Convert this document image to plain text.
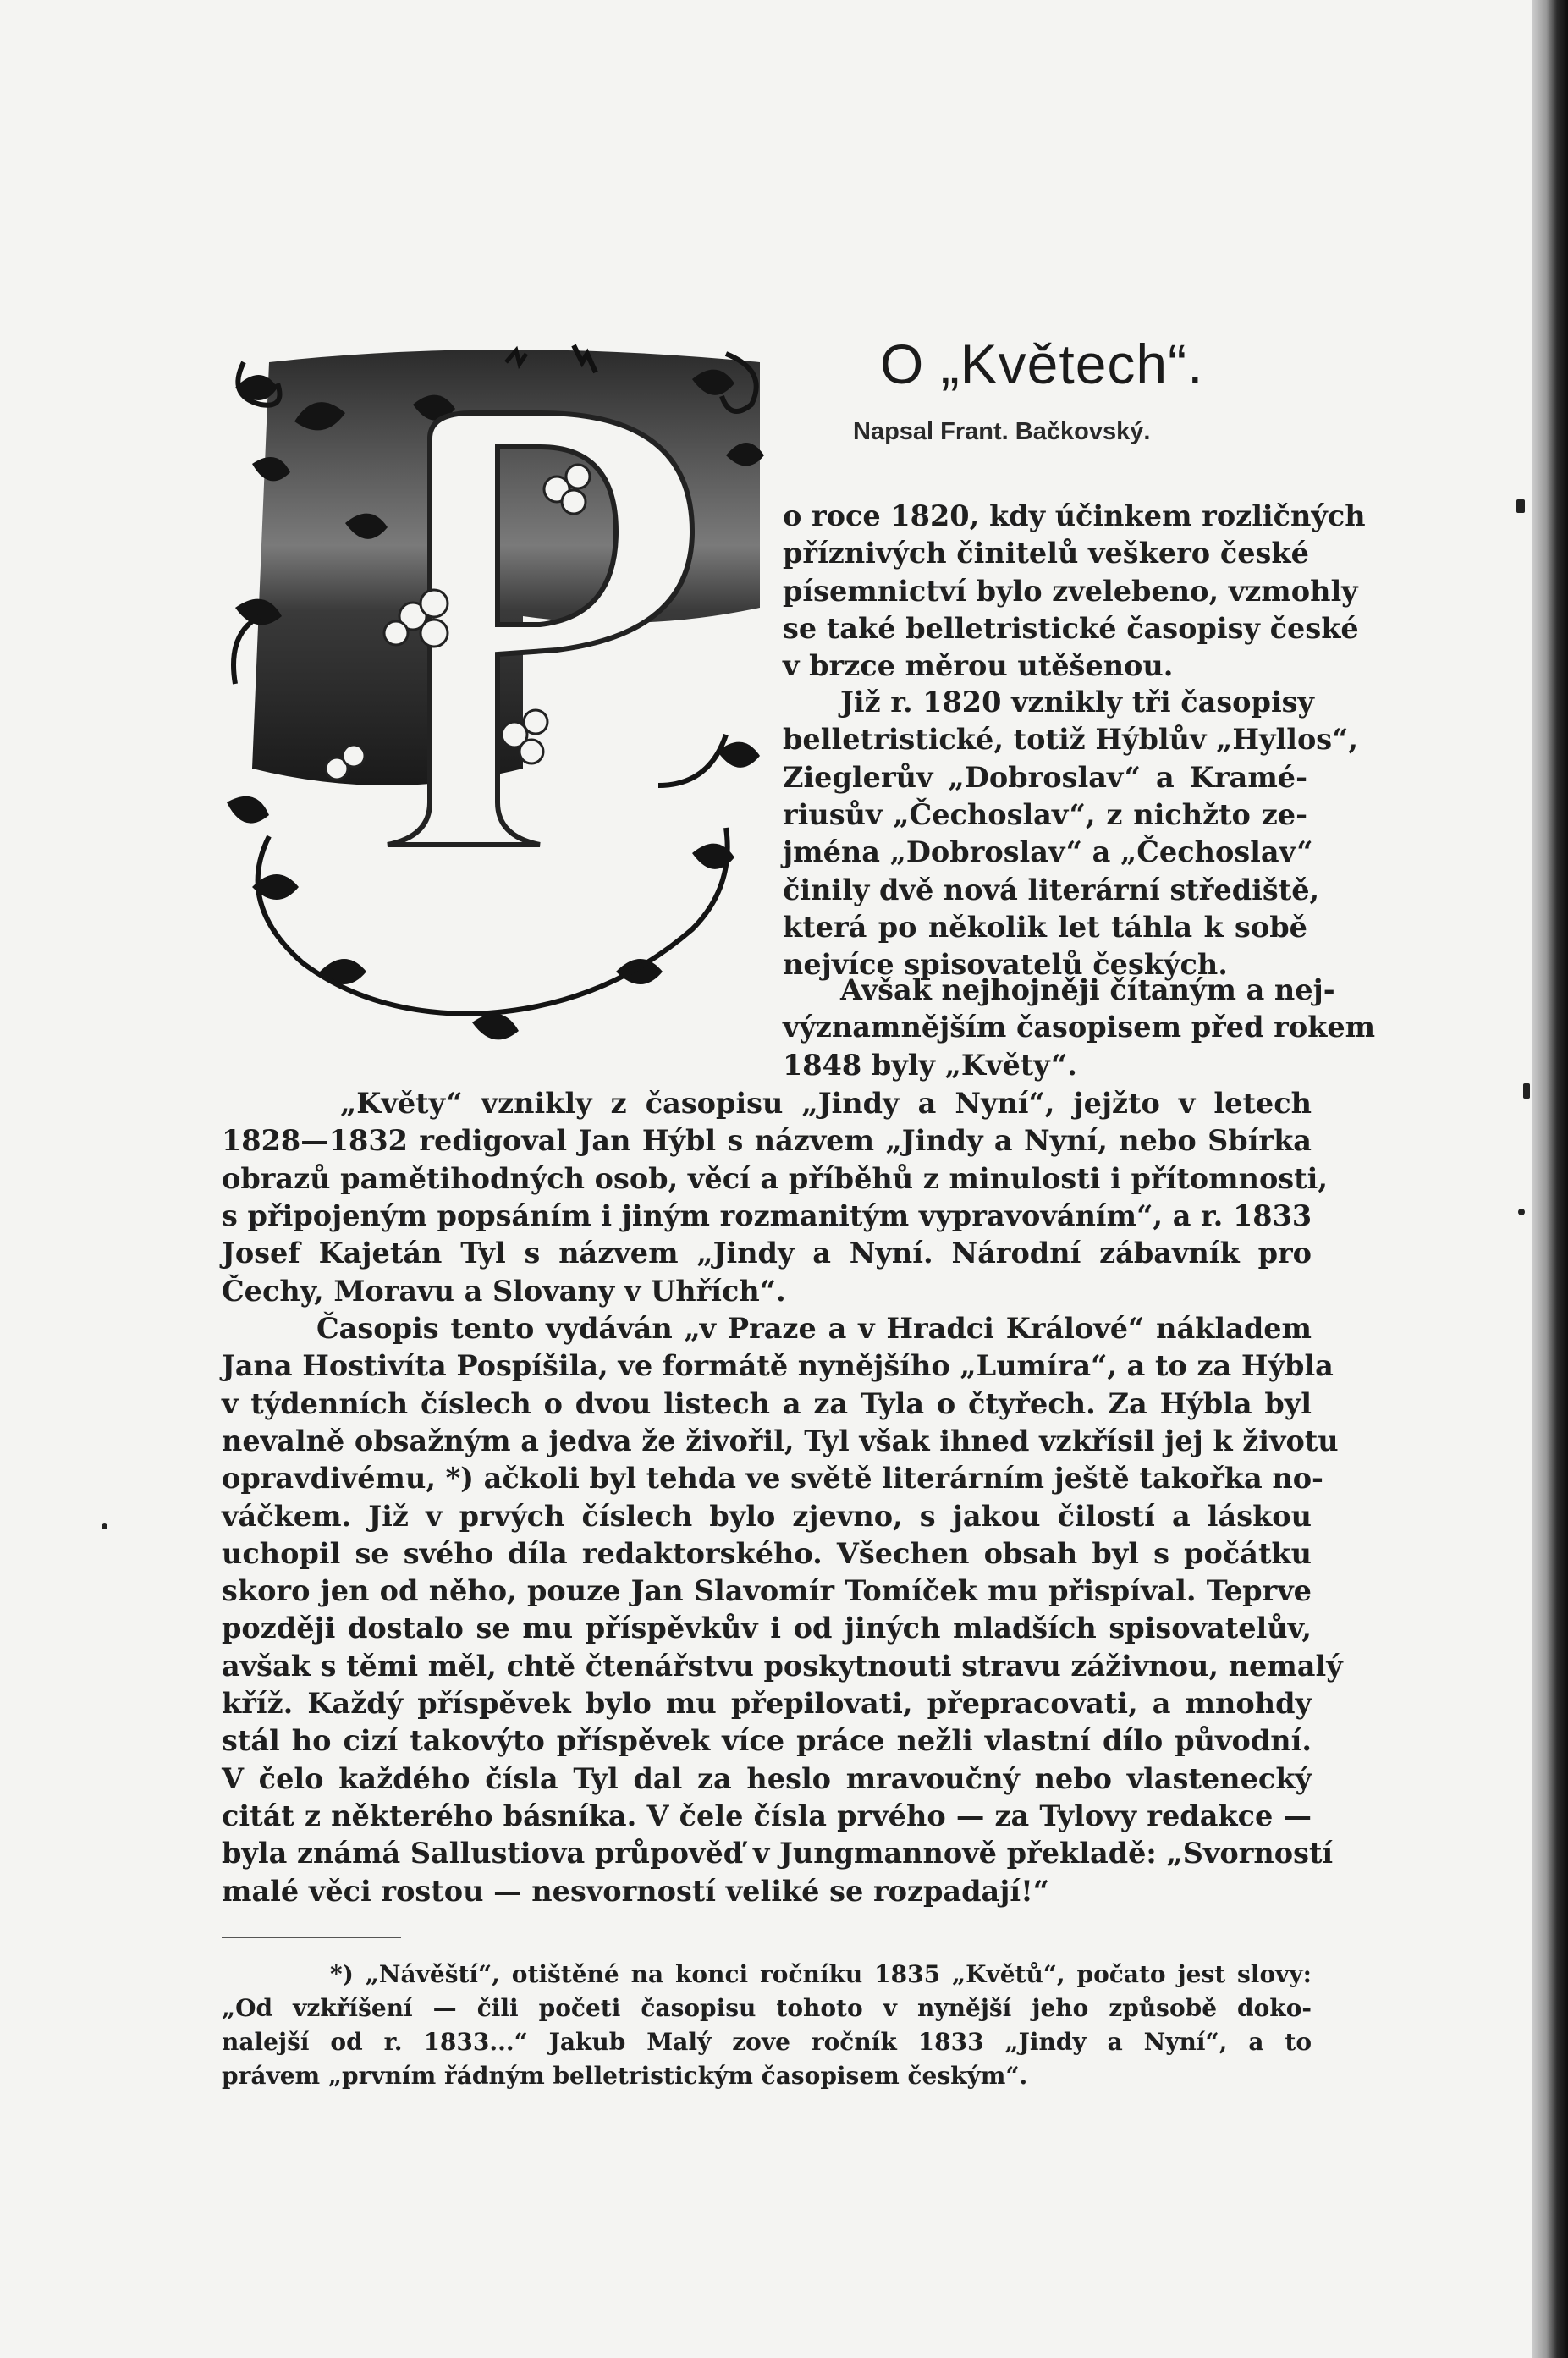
O „Květech“.
Napsal Frant. Bačkovský.
o roce 1820, kdy účinkem rozličných
příznivých činitelů veškero české
písemnictví bylo zvelebeno, vzmohly
se také belletristické časopisy české
v brzce měrou utěšenou.
Již r. 1820 vznikly tři časopisy
belletristické, totiž Hýblův „Hyllos“,
Zieglerův „Dobroslav“ a Kramé-
riusův „Čechoslav“, z nichžto ze-
jména „Dobroslav“ a „Čechoslav“
činily dvě nová literární střediště,
která po několik let táhla k sobě
nejvíce spisovatelů českých.
Avšak nejhojněji čítaným a nej-
významnějším časopisem před rokem
1848 byly „Květy“.
„Květy“ vznikly z časopisu „Jindy a Nyní“, jejžto v letech
1828—1832 redigoval Jan Hýbl s názvem „Jindy a Nyní, nebo Sbírka
obrazů pamětihodných osob, věcí a příběhů z minulosti i přítomnosti,
s připojeným popsáním i jiným rozmanitým vypravováním“, a r. 1833
Josef Kajetán Tyl s názvem „Jindy a Nyní. Národní zábavník pro
Čechy, Moravu a Slovany v Uhřích“.
Časopis tento vydáván „v Praze a v Hradci Králové“ nákladem
Jana Hostivíta Pospíšila, ve formátě nynějšího „Lumíra“, a to za Hýbla
v týdenních číslech o dvou listech a za Tyla o čtyřech. Za Hýbla byl
nevalně obsažným a jedva že živořil, Tyl však ihned vzkřísil jej k životu
opravdivému, *) ačkoli byl tehda ve světě literárním ještě takořka no-
váčkem. Již v prvých číslech bylo zjevno, s jakou čilostí a láskou
uchopil se svého díla redaktorského. Všechen obsah byl s počátku
skoro jen od něho, pouze Jan Slavomír Tomíček mu přispíval. Teprve
později dostalo se mu příspěvkův i od jiných mladších spisovatelův,
avšak s těmi měl, chtě čtenářstvu poskytnouti stravu záživnou, nemalý
kříž. Každý příspěvek bylo mu přepilovati, přepracovati, a mnohdy
stál ho cizí takovýto příspěvek více práce nežli vlastní dílo původní.
V čelo každého čísla Tyl dal za heslo mravoučný nebo vlastenecký
citát z některého básníka. V čele čísla prvého — za Tylovy redakce —
byla známá Sallustiova průpověď v Jungmannově překladě: „Svorností
malé věci rostou — nesvorností veliké se rozpadají!“
*) „Návěští“, otištěné na konci ročníku 1835 „Květů“, počato jest slovy:
„Od vzkříšení — čili početi časopisu tohoto v nynější jeho způsobě doko-
nalejší od r. 1833...“ Jakub Malý zove ročník 1833 „Jindy a Nyní“, a to
právem „prvním řádným belletristickým časopisem českým“.
